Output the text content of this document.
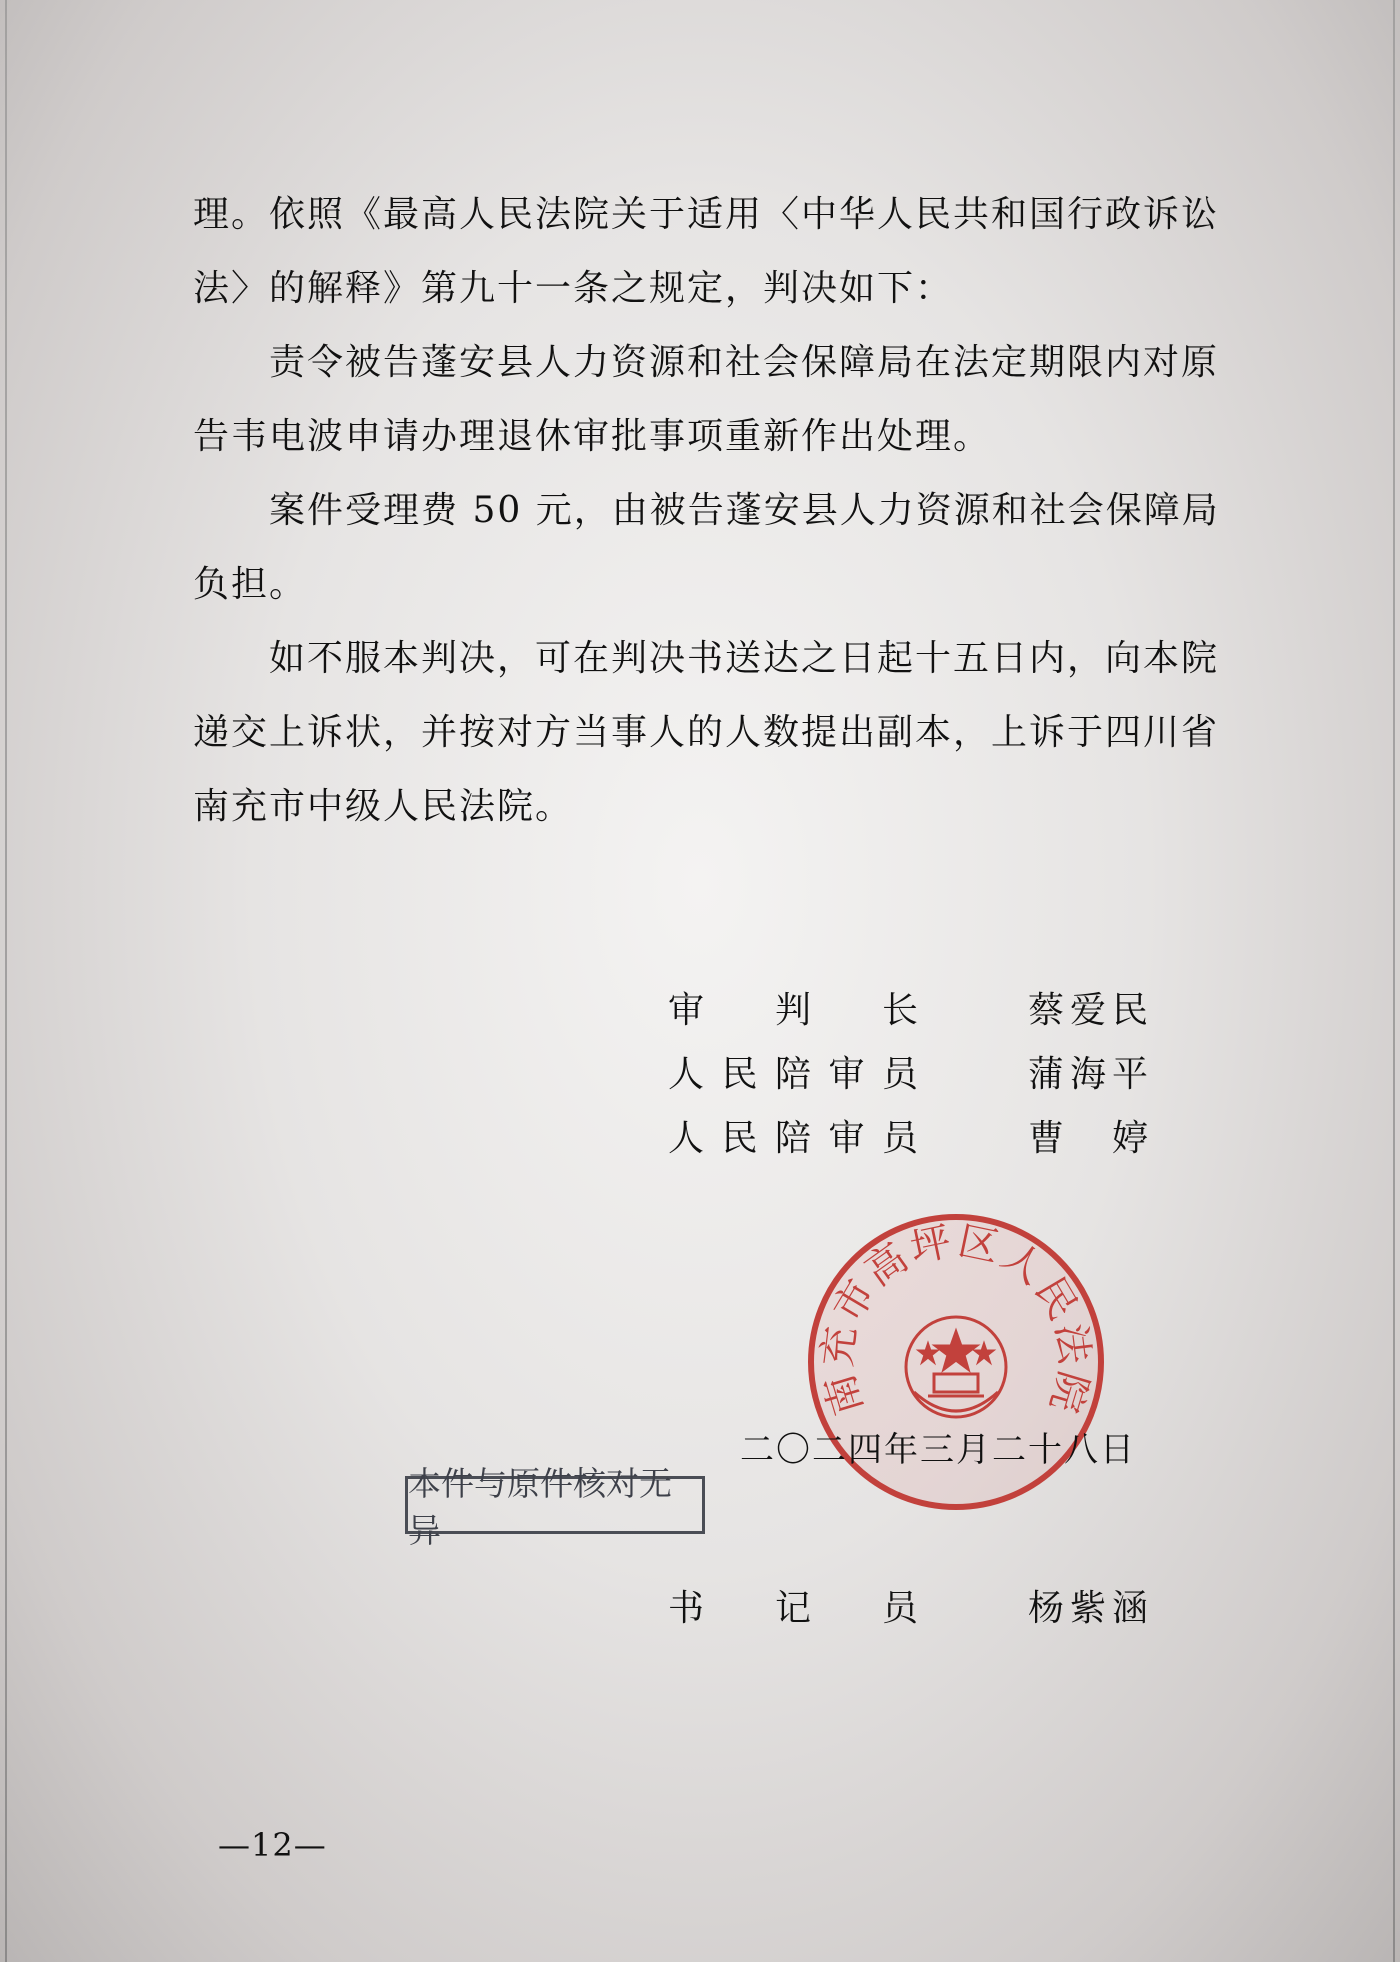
理。依照《最高人民法院关于适用〈中华人民共和国行政诉讼法〉的解释》第九十一条之规定，判决如下：

责令被告蓬安县人力资源和社会保障局在法定期限内对原告韦电波申请办理退休审批事项重新作出处理。

案件受理费 50 元，由被告蓬安县人力资源和社会保障局负担。

如不服本判决，可在判决书送达之日起十五日内，向本院递交上诉状，并按对方当事人的人数提出副本，上诉于四川省南充市中级人民法院。

审 判 长	蔡 爱 民
人 民 陪 审 员	蒲 海 平
人 民 陪 审 员	曹 婷
南充市高坪区人民法院
二〇二四年三月二十八日
本件与原件核对无异
书 记 员	杨 紫 涵
—12—
